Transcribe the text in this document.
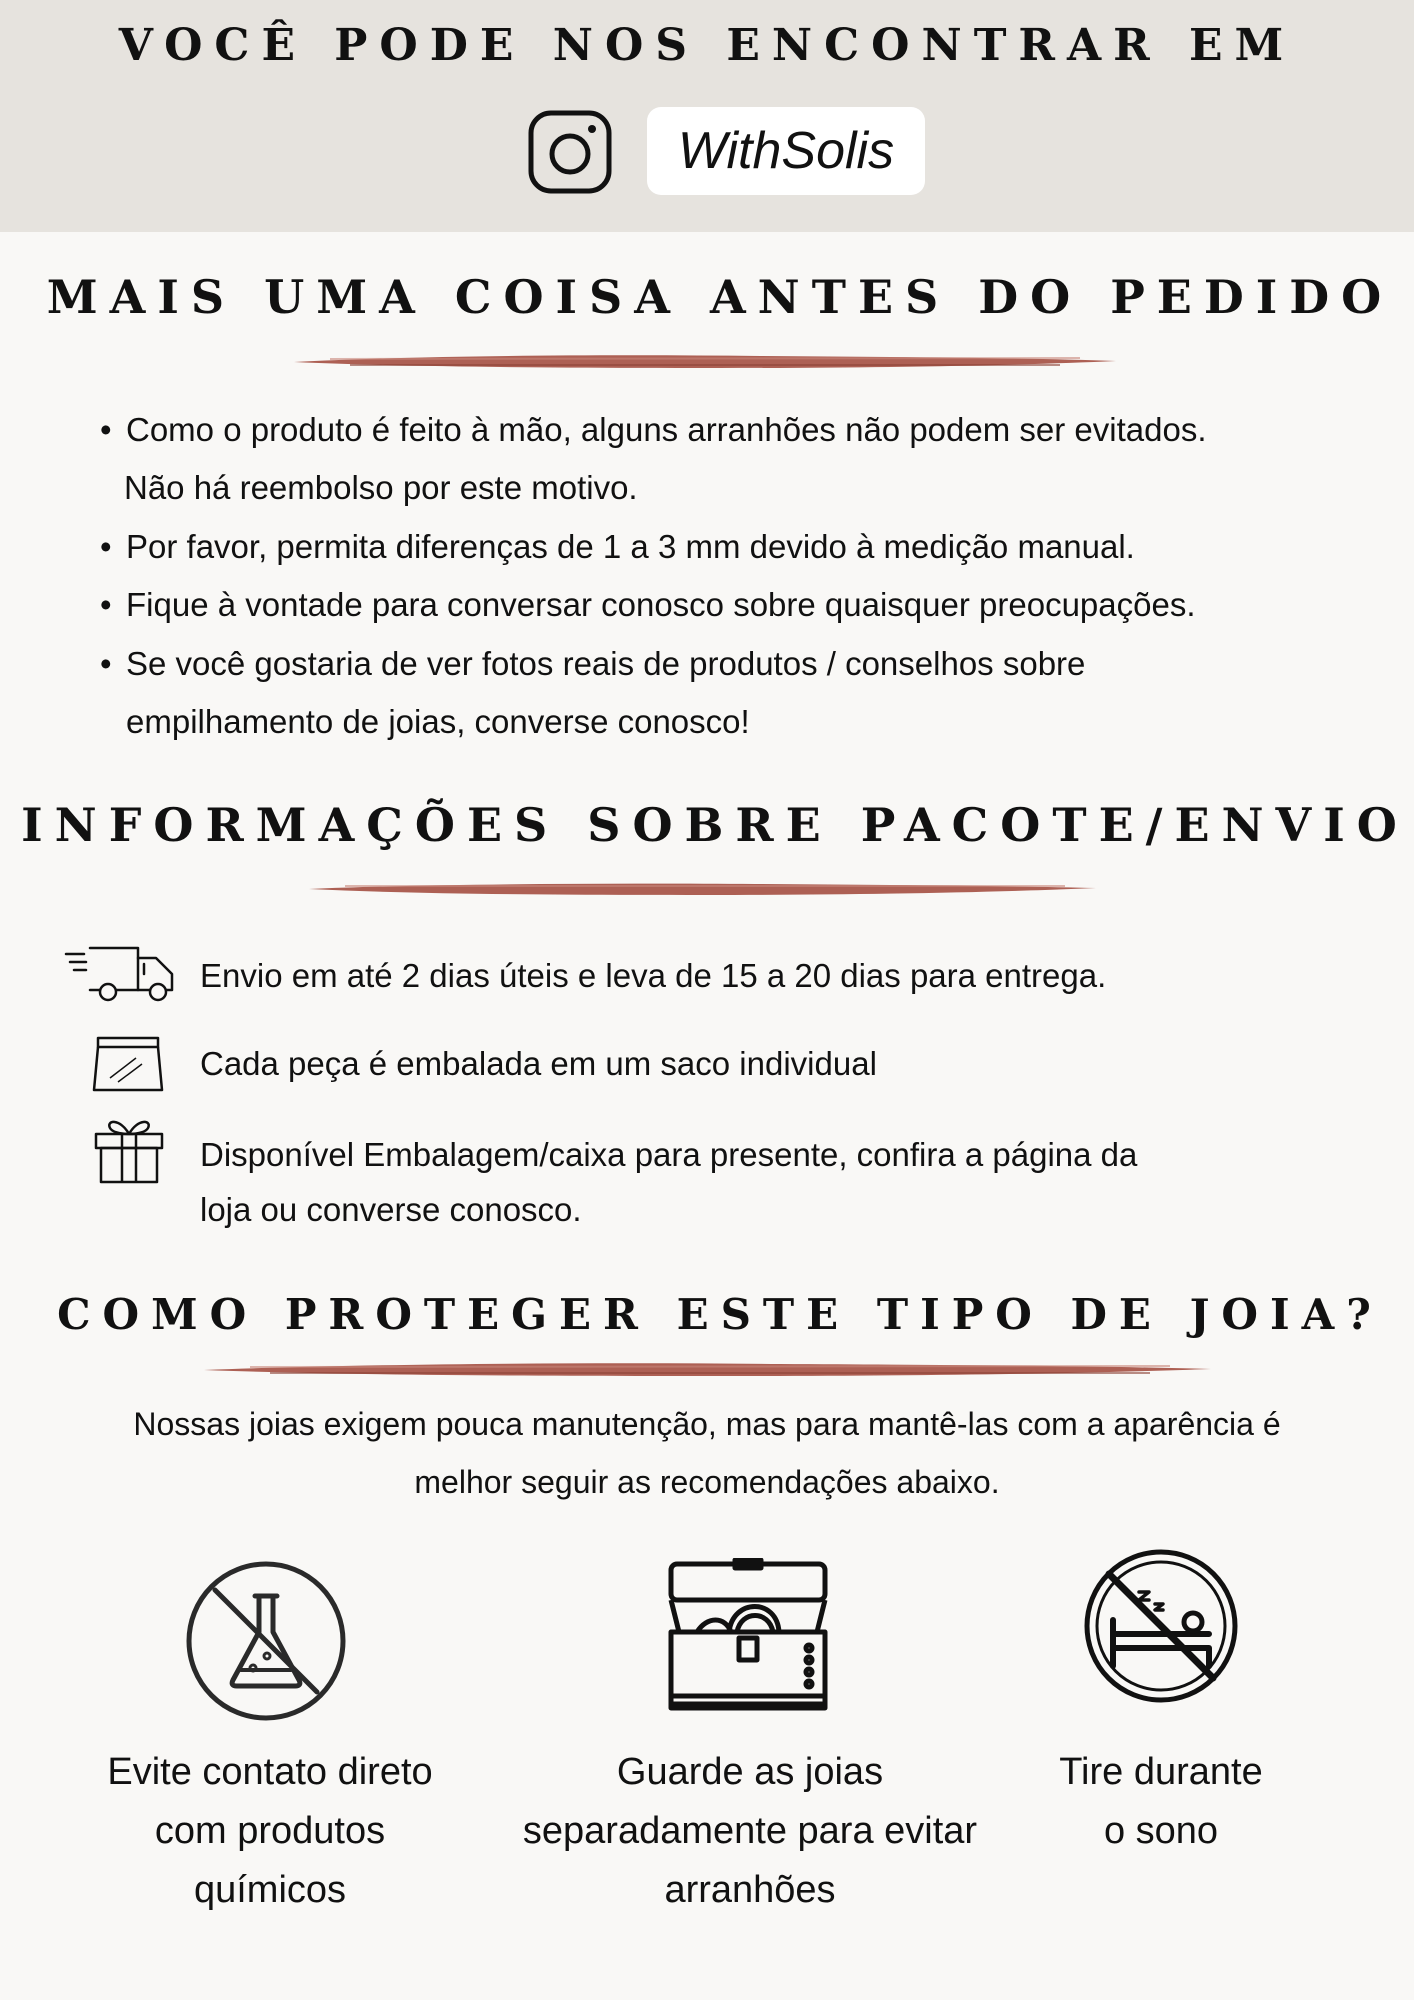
VOCÊ PODE NOS ENCONTRAR EM
WithSolis
MAIS UMA COISA ANTES DO PEDIDO
• Como o produto é feito à mão, alguns arranhões não podem ser evitados.
Não há reembolso por este motivo.
• Por favor, permita diferenças de 1 a 3 mm devido à medição manual.
• Fique à vontade para conversar conosco sobre quaisquer preocupações.
• Se você gostaria de ver fotos reais de produtos / conselhos sobre
empilhamento de joias, converse conosco!
INFORMAÇÕES SOBRE PACOTE/ENVIO
Envio em até 2 dias úteis e leva de 15 a 20 dias para entrega.
Cada peça é embalada em um saco individual
Disponível Embalagem/caixa para presente, confira a página da
loja ou converse conosco.
COMO PROTEGER ESTE TIPO DE JOIA?
Nossas joias exigem pouca manutenção, mas para mantê-las com a aparência é
melhor seguir as recomendações abaixo.
Evite contato direto
com produtos
químicos
Guarde as joias
separadamente para evitar
arranhões
Tire durante
o sono
